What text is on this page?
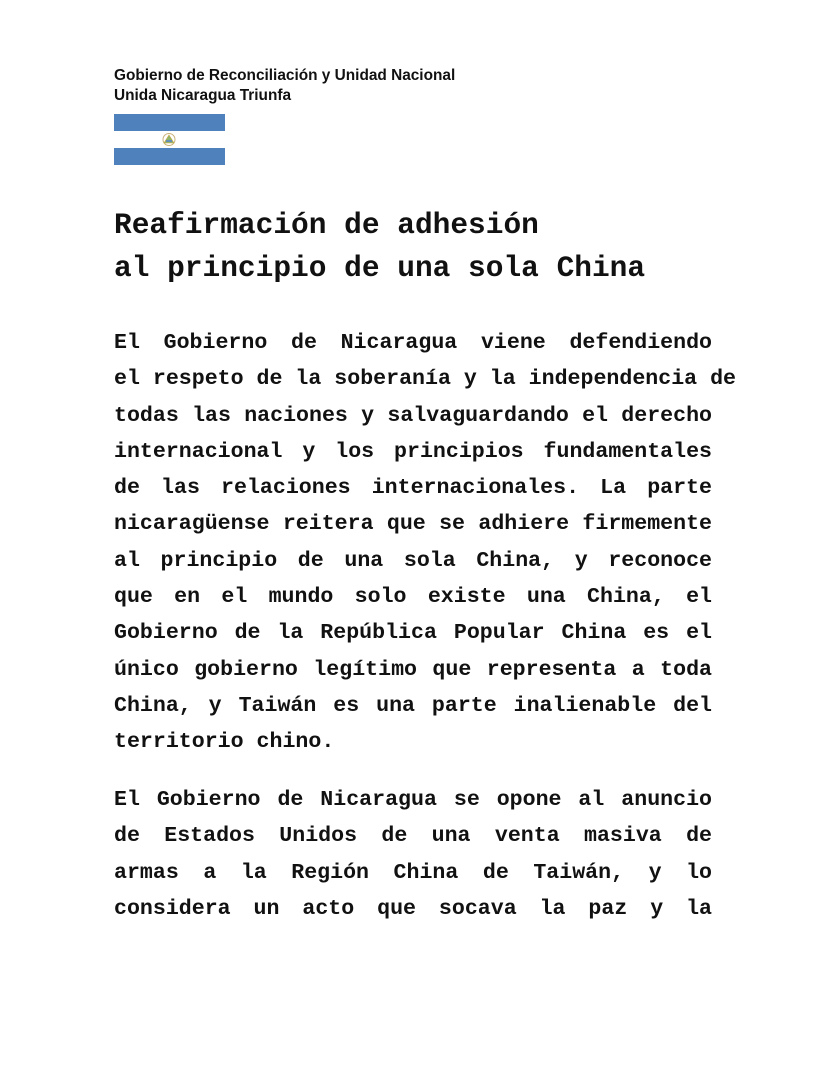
Gobierno de Reconciliación y Unidad Nacional
Unida Nicaragua Triunfa
Reafirmación de adhesión
al principio de una sola China
El Gobierno de Nicaragua viene defendiendo
el respeto de la soberanía y la independencia de
todas las naciones y salvaguardando el derecho
internacional y los principios fundamentales
de las relaciones internacionales. La parte
nicaragüense reitera que se adhiere firmemente
al principio de una sola China, y reconoce
que en el mundo solo existe una China, el
Gobierno de la República Popular China es el
único gobierno legítimo que representa a toda
China, y Taiwán es una parte inalienable del
territorio chino.
El Gobierno de Nicaragua se opone al anuncio
de Estados Unidos de una venta masiva de
armas a la Región China de Taiwán, y lo
considera un acto que socava la paz y la
